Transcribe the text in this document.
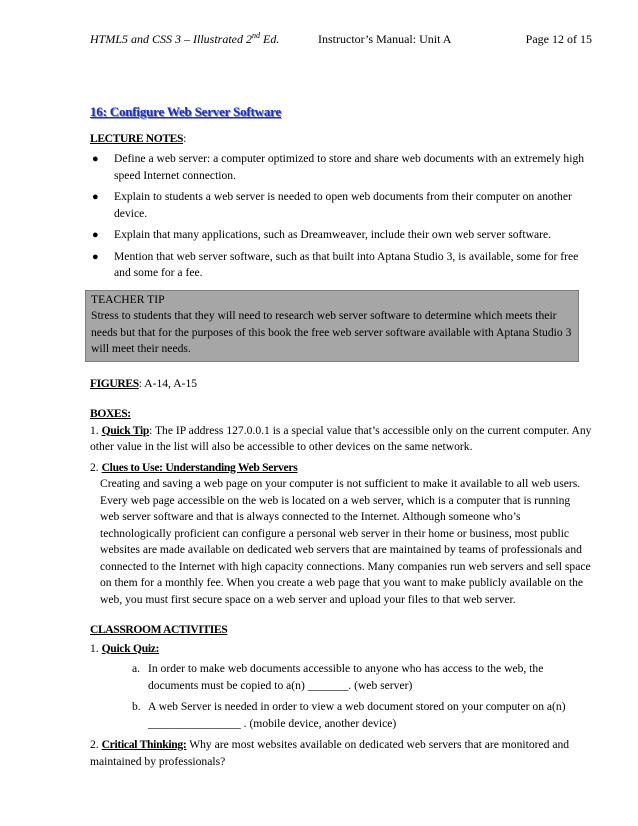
HTML5 and CSS 3 – Illustrated 2nd Ed.	Instructor’s Manual: Unit A	Page 12 of 15
16: Configure Web Server Software
LECTURE NOTES:
● Define a web server: a computer optimized to store and share web documents with an extremely high speed Internet connection.
● Explain to students a web server is needed to open web documents from their computer on another device.
● Explain that many applications, such as Dreamweaver, include their own web server software.
● Mention that web server software, such as that built into Aptana Studio 3, is available, some for free and some for a fee.
TEACHER TIP
Stress to students that they will need to research web server software to determine which meets their needs but that for the purposes of this book the free web server software available with Aptana Studio 3 will meet their needs.
FIGURES: A-14, A-15
BOXES:
1. Quick Tip: The IP address 127.0.0.1 is a special value that’s accessible only on the current computer. Any other value in the list will also be accessible to other devices on the same network.
2. Clues to Use: Understanding Web Servers
Creating and saving a web page on your computer is not sufficient to make it available to all web users. Every web page accessible on the web is located on a web server, which is a computer that is running web server software and that is always connected to the Internet. Although someone who’s technologically proficient can configure a personal web server in their home or business, most public websites are made available on dedicated web servers that are maintained by teams of professionals and connected to the Internet with high capacity connections. Many companies run web servers and sell space on them for a monthly fee. When you create a web page that you want to make publicly available on the web, you must first secure space on a web server and upload your files to that web server.
CLASSROOM ACTIVITIES
1. Quick Quiz:
a. In order to make web documents accessible to anyone who has access to the web, the documents must be copied to a(n) _______. (web server)
b. A web Server is needed in order to view a web document stored on your computer on a(n) ________________ . (mobile device, another device)
2. Critical Thinking: Why are most websites available on dedicated web servers that are monitored and maintained by professionals?
